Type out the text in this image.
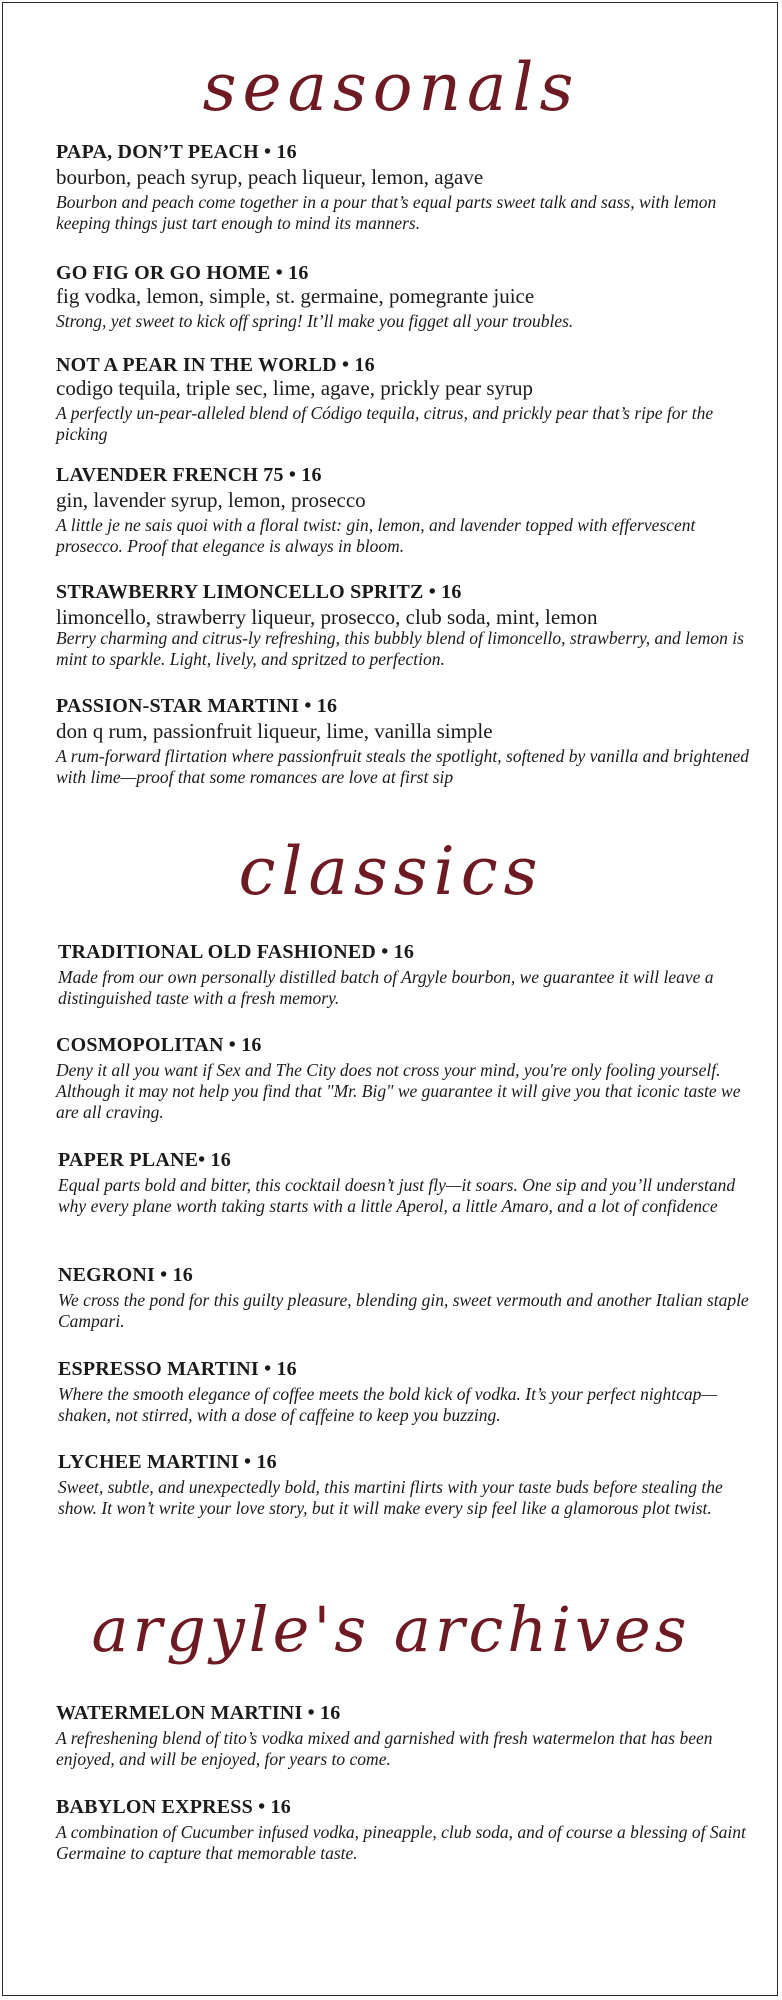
seasonals
PAPA, DON’T PEACH • 16
bourbon, peach syrup, peach liqueur, lemon, agave
Bourbon and peach come together in a pour that’s equal parts sweet talk and sass, with lemon keeping things just tart enough to mind its manners.
GO FIG OR GO HOME • 16
fig vodka, lemon, simple, st. germaine, pomegrante juice
Strong, yet sweet to kick off spring! It’ll make you figget all your troubles.
NOT A PEAR IN THE WORLD • 16
codigo tequila, triple sec, lime, agave, prickly pear syrup
A perfectly un-pear-alleled blend of Código tequila, citrus, and prickly pear that’s ripe for the picking
LAVENDER FRENCH 75 • 16
gin, lavender syrup, lemon, prosecco
A little je ne sais quoi with a floral twist: gin, lemon, and lavender topped with effervescent prosecco. Proof that elegance is always in bloom.
STRAWBERRY LIMONCELLO SPRITZ • 16
limoncello, strawberry liqueur, prosecco, club soda, mint, lemon
Berry charming and citrus-ly refreshing, this bubbly blend of limoncello, strawberry, and lemon is mint to sparkle. Light, lively, and spritzed to perfection.
PASSION-STAR MARTINI • 16
don q rum, passionfruit liqueur, lime, vanilla simple
A rum-forward flirtation where passionfruit steals the spotlight, softened by vanilla and brightened with lime—proof that some romances are love at first sip
classics
TRADITIONAL OLD FASHIONED • 16
Made from our own personally distilled batch of Argyle bourbon, we guarantee it will leave a distinguished taste with a fresh memory.
COSMOPOLITAN • 16
Deny it all you want if Sex and The City does not cross your mind, you're only fooling yourself. Although it may not help you find that "Mr. Big" we guarantee it will give you that iconic taste we are all craving.
PAPER PLANE• 16
Equal parts bold and bitter, this cocktail doesn’t just fly—it soars. One sip and you’ll understand why every plane worth taking starts with a little Aperol, a little Amaro, and a lot of confidence
NEGRONI • 16
We cross the pond for this guilty pleasure, blending gin, sweet vermouth and another Italian staple Campari.
ESPRESSO MARTINI • 16
Where the smooth elegance of coffee meets the bold kick of vodka. It’s your perfect nightcap—shaken, not stirred, with a dose of caffeine to keep you buzzing.
LYCHEE MARTINI • 16
Sweet, subtle, and unexpectedly bold, this martini flirts with your taste buds before stealing the show. It won’t write your love story, but it will make every sip feel like a glamorous plot twist.
argyle's archives
WATERMELON MARTINI • 16
A refreshening blend of tito’s vodka mixed and garnished with fresh watermelon that has been enjoyed, and will be enjoyed, for years to come.
BABYLON EXPRESS • 16
A combination of Cucumber infused vodka, pineapple, club soda, and of course a blessing of Saint Germaine to capture that memorable taste.
